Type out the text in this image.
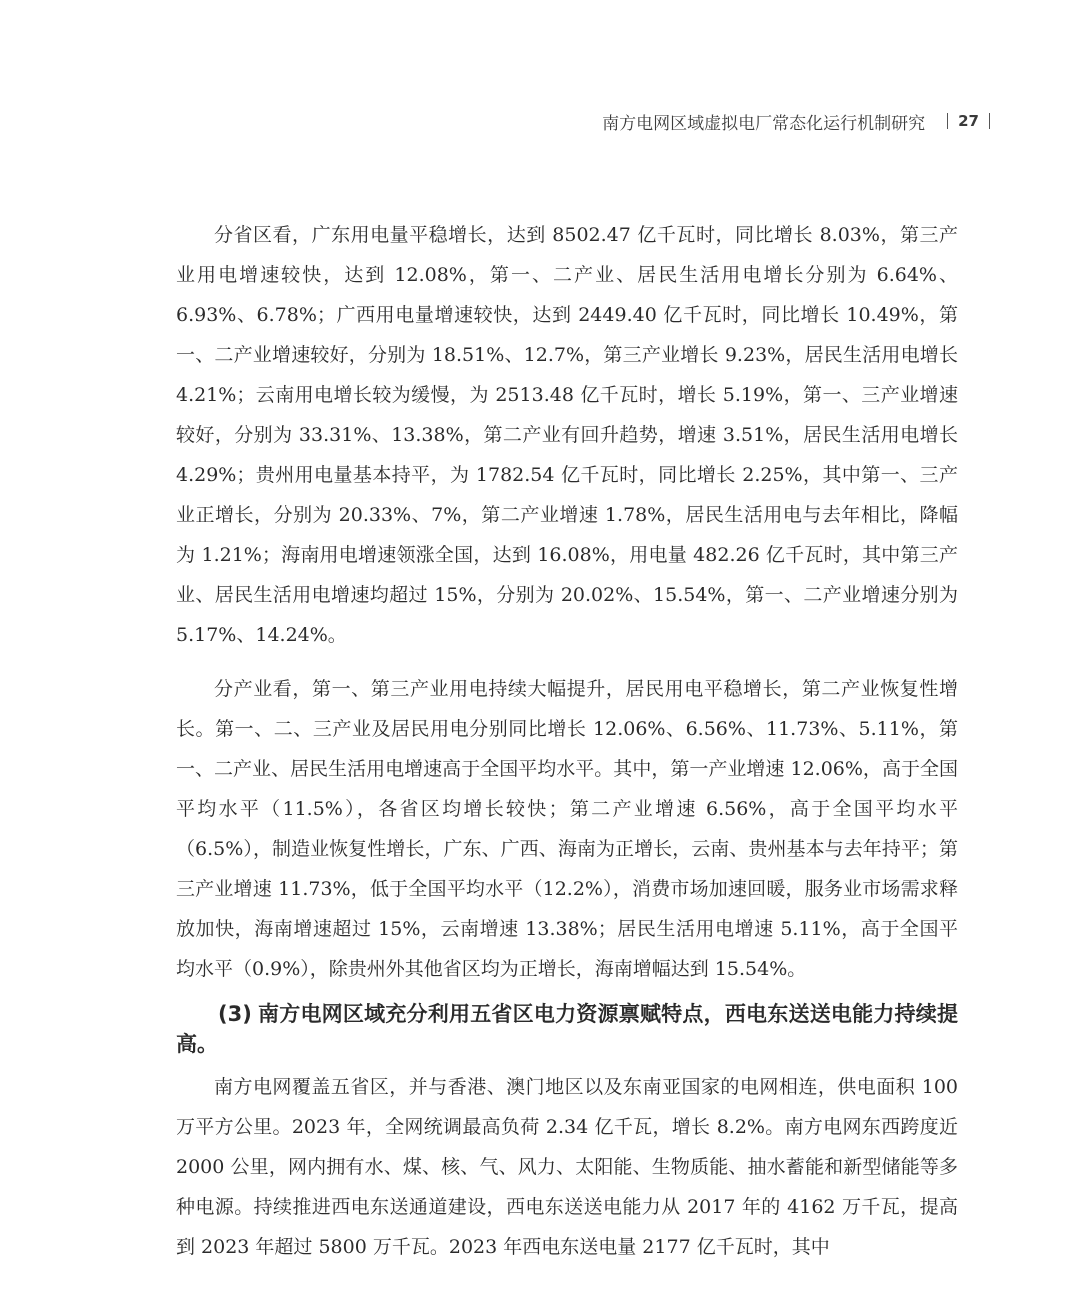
南方电网区域虚拟电厂常态化运行机制研究 27

分省区看，广东用电量平稳增长，达到 8502.47 亿千瓦时，同比增长 8.03%，第三产业用电增速较快，达到 12.08%，第一、二产业、居民生活用电增长分别为 6.64%、6.93%、6.78%；广西用电量增速较快，达到 2449.40 亿千瓦时，同比增长 10.49%，第一、二产业增速较好，分别为 18.51%、12.7%，第三产业增长 9.23%，居民生活用电增长 4.21%；云南用电增长较为缓慢，为 2513.48 亿千瓦时，增长 5.19%，第一、三产业增速较好，分别为 33.31%、13.38%，第二产业有回升趋势，增速 3.51%，居民生活用电增长 4.29%；贵州用电量基本持平，为 1782.54 亿千瓦时，同比增长 2.25%，其中第一、三产业正增长，分别为 20.33%、7%，第二产业增速 1.78%，居民生活用电与去年相比，降幅为 1.21%；海南用电增速领涨全国，达到 16.08%，用电量 482.26 亿千瓦时，其中第三产业、居民生活用电增速均超过 15%，分别为 20.02%、15.54%，第一、二产业增速分别为 5.17%、14.24%。

分产业看，第一、第三产业用电持续大幅提升，居民用电平稳增长，第二产业恢复性增长。第一、二、三产业及居民用电分别同比增长 12.06%、6.56%、11.73%、5.11%，第一、二产业、居民生活用电增速高于全国平均水平。其中，第一产业增速 12.06%，高于全国平均水平（11.5%），各省区均增长较快；第二产业增速 6.56%，高于全国平均水平（6.5%），制造业恢复性增长，广东、广西、海南为正增长，云南、贵州基本与去年持平；第三产业增速 11.73%，低于全国平均水平（12.2%），消费市场加速回暖，服务业市场需求释放加快，海南增速超过 15%，云南增速 13.38%；居民生活用电增速 5.11%，高于全国平均水平（0.9%），除贵州外其他省区均为正增长，海南增幅达到 15.54%。

(3) 南方电网区域充分利用五省区电力资源禀赋特点，西电东送送电能力持续提高。

南方电网覆盖五省区，并与香港、澳门地区以及东南亚国家的电网相连，供电面积 100 万平方公里。2023 年，全网统调最高负荷 2.34 亿千瓦，增长 8.2%。南方电网东西跨度近 2000 公里，网内拥有水、煤、核、气、风力、太阳能、生物质能、抽水蓄能和新型储能等多种电源。持续推进西电东送通道建设，西电东送送电能力从 2017 年的 4162 万千瓦，提高到 2023 年超过 5800 万千瓦。2023 年西电东送电量 2177 亿千瓦时，其中
